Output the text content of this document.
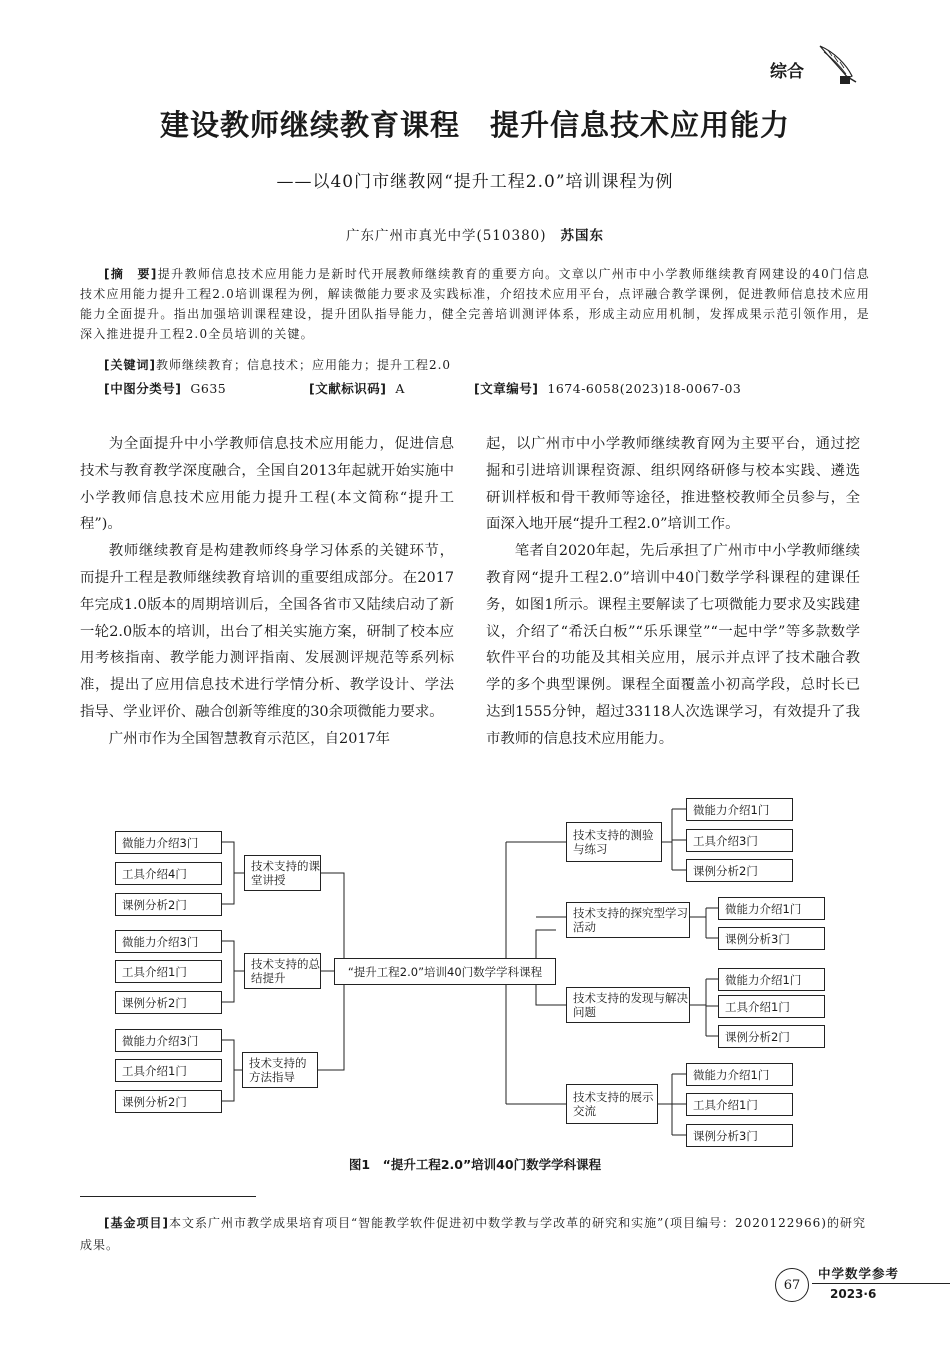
综合
建设教师继续教育课程　提升信息技术应用能力
——以40门市继教网“提升工程2.0”培训课程为例
广东广州市真光中学(510380) 苏国东
[摘　要]提升教师信息技术应用能力是新时代开展教师继续教育的重要方向。文章以广州市中小学教师继续教育网建设的40门信息技术应用能力提升工程2.0培训课程为例，解读微能力要求及实践标准，介绍技术应用平台，点评融合教学课例，促进教师信息技术应用能力全面提升。指出加强培训课程建设，提升团队指导能力，健全完善培训测评体系，形成主动应用机制，发挥成果示范引领作用，是深入推进提升工程2.0全员培训的关键。
[关键词]教师继续教育；信息技术；应用能力；提升工程2.0
[中图分类号] G635	[文献标识码] A	[文章编号] 1674-6058(2023)18-0067-03

为全面提升中小学教师信息技术应用能力，促进信息技术与教育教学深度融合，全国自2013年起就开始实施中小学教师信息技术应用能力提升工程(本文简称“提升工程”)。

教师继续教育是构建教师终身学习体系的关键环节，而提升工程是教师继续教育培训的重要组成部分。在2017年完成1.0版本的周期培训后，全国各省市又陆续启动了新一轮2.0版本的培训，出台了相关实施方案，研制了校本应用考核指南、教学能力测评指南、发展测评规范等系列标准，提出了应用信息技术进行学情分析、教学设计、学法指导、学业评价、融合创新等维度的30余项微能力要求。

广州市作为全国智慧教育示范区，自2017年

起，以广州市中小学教师继续教育网为主要平台，通过挖掘和引进培训课程资源、组织网络研修与校本实践、遴选研训样板和骨干教师等途径，推进整校教师全员参与，全面深入地开展“提升工程2.0”培训工作。

笔者自2020年起，先后承担了广州市中小学教师继续教育网“提升工程2.0”培训中40门数学学科课程的建课任务，如图1所示。课程主要解读了七项微能力要求及实践建议，介绍了“希沃白板”“乐乐课堂”“一起中学”等多款数学软件平台的功能及其相关应用，展示并点评了技术融合教学的多个典型课例。课程全面覆盖小初高学段，总时长已达到1555分钟，超过33118人次选课学习，有效提升了我市教师的信息技术应用能力。

微能力介绍3门
工具介绍4门
课例分析2门
技术支持的课堂讲授
微能力介绍3门
工具介绍1门
课例分析2门
技术支持的总结提升
微能力介绍3门
工具介绍1门
课例分析2门
技术支持的方法指导
“提升工程2.0”培训40门数学学科课程
技术支持的测验与练习
微能力介绍1门
工具介绍3门
课例分析2门
技术支持的探究型学习活动
微能力介绍1门
课例分析3门
技术支持的发现与解决问题
微能力介绍1门
工具介绍1门
课例分析2门
技术支持的展示交流
微能力介绍1门
工具介绍1门
课例分析3门
图1　“提升工程2.0”培训40门数学学科课程
[基金项目]本文系广州市教学成果培育项目“智能教学软件促进初中数学教与学改革的研究和实施”(项目编号：2020122966)的研究成果。
67
中学数学参考
2023·6
